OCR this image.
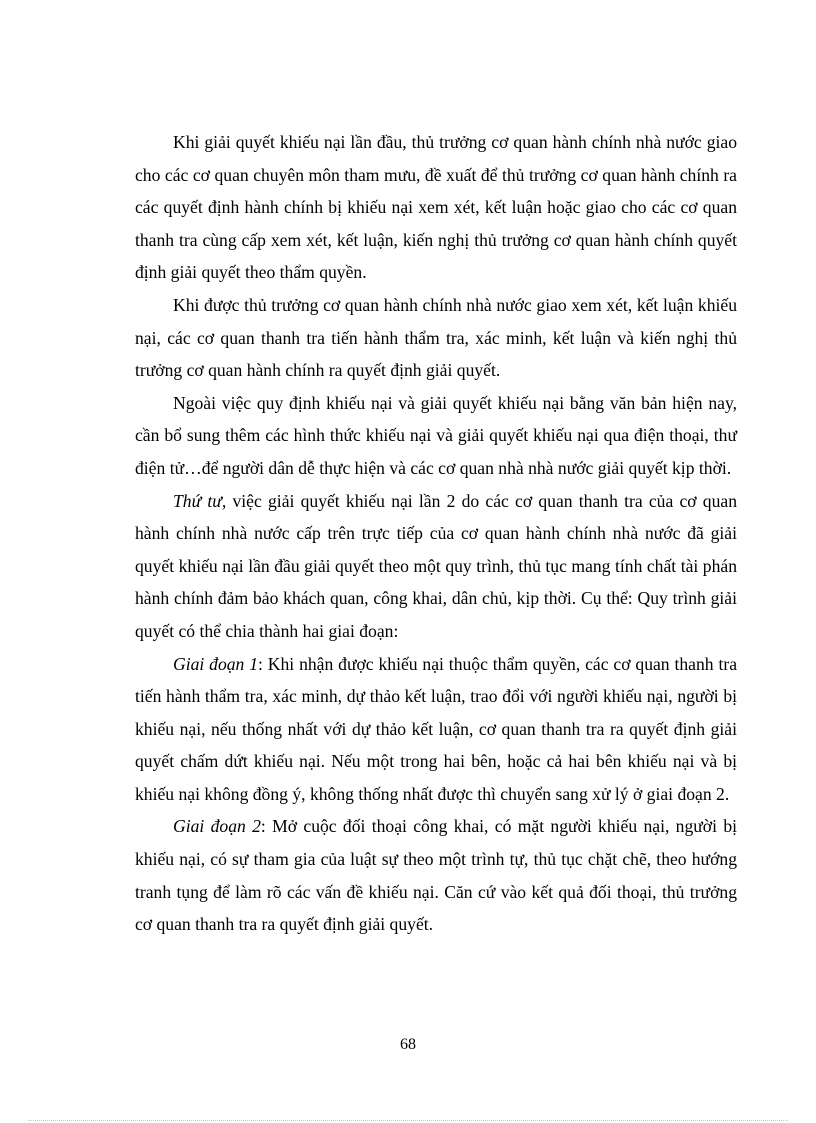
Khi giải quyết khiếu nại lần đầu, thủ trưởng cơ quan hành chính nhà nước giao cho các cơ quan chuyên môn tham mưu, đề xuất để thủ trưởng cơ quan hành chính ra các quyết định hành chính bị khiếu nại xem xét, kết luận hoặc giao cho các cơ quan thanh tra cùng cấp xem xét, kết luận, kiến nghị thủ trưởng cơ quan hành chính quyết định giải quyết theo thẩm quyền.

Khi được thủ trưởng cơ quan hành chính nhà nước giao xem xét, kết luận khiếu nại, các cơ quan thanh tra tiến hành thẩm tra, xác minh, kết luận và kiến nghị thủ trưởng cơ quan hành chính ra quyết định giải quyết.

Ngoài việc quy định khiếu nại và giải quyết khiếu nại bằng văn bản hiện nay, cần bổ sung thêm các hình thức khiếu nại và giải quyết khiếu nại qua điện thoại, thư điện tử…để người dân dễ thực hiện và các cơ quan nhà nhà nước giải quyết kịp thời.

Thứ tư, việc giải quyết khiếu nại lần 2 do các cơ quan thanh tra của cơ quan hành chính nhà nước cấp trên trực tiếp của cơ quan hành chính nhà nước đã giải quyết khiếu nại lần đầu giải quyết theo một quy trình, thủ tục mang tính chất tài phán hành chính đảm bảo khách quan, công khai, dân chủ, kịp thời. Cụ thể: Quy trình giải quyết có thể chia thành hai giai đoạn:

Giai đoạn 1: Khi nhận được khiếu nại thuộc thẩm quyền, các cơ quan thanh tra tiến hành thẩm tra, xác minh, dự thảo kết luận, trao đổi với người khiếu nại, người bị khiếu nại, nếu thống nhất với dự thảo kết luận, cơ quan thanh tra ra quyết định giải quyết chấm dứt khiếu nại. Nếu một trong hai bên, hoặc cả hai bên khiếu nại và bị khiếu nại không đồng ý, không thống nhất được thì chuyển sang xử lý ở giai đoạn 2.

Giai đoạn 2: Mở cuộc đối thoại công khai, có mặt người khiếu nại, người bị khiếu nại, có sự tham gia của luật sự theo một trình tự, thủ tục chặt chẽ, theo hướng tranh tụng để làm rõ các vấn đề khiếu nại. Căn cứ vào kết quả đối thoại, thủ trưởng cơ quan thanh tra ra quyết định giải quyết.

68
